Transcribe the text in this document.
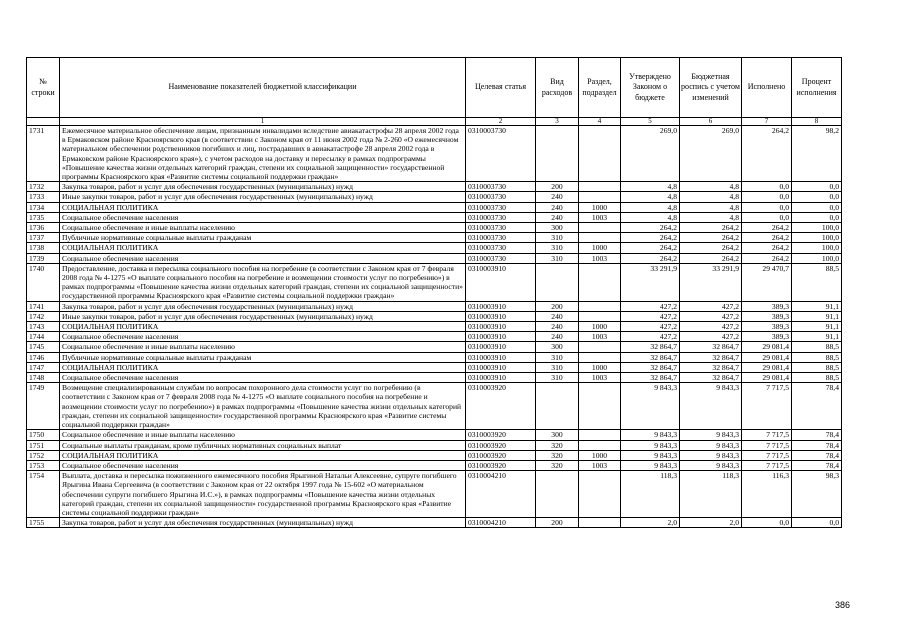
№ строки	Наименование показателей бюджетной классификации	Целевая статья	Вид расходов	Раздел, подраздел	Утверждено Законом о бюджете	Бюджетная роспись с учетом изменений	Исполнено	Процент исполнения
	1	2	3	4	5	6	7	8
1731	Ежемесячное материальное обеспечение лицам, признанным инвалидами вследствие авиакатастрофы 28 апреля 2002 года в Ермаковском районе Красноярского края (в соответствии с Законом края от 11 июня 2002 года № 2-260 «О ежемесячном материальном обеспечении родственников погибших и лиц, пострадавших в авиакатастрофе 28 апреля 2002 года в Ермаковском районе Красноярского края»), с учетом расходов на доставку и пересылку в рамках подпрограммы «Повышение качества жизни отдельных категорий граждан, степени их социальной защищенности» государственной программы Красноярского края «Развитие системы социальной поддержки граждан»	0310003730			269,0	269,0	264,2	98,2
1732	Закупка товаров, работ и услуг для обеспечения государственных (муниципальных) нужд	0310003730	200		4,8	4,8	0,0	0,0
1733	Иные закупки товаров, работ и услуг для обеспечения государственных (муниципальных) нужд	0310003730	240		4,8	4,8	0,0	0,0
1734	СОЦИАЛЬНАЯ ПОЛИТИКА	0310003730	240	1000	4,8	4,8	0,0	0,0
1735	Социальное обеспечение населения	0310003730	240	1003	4,8	4,8	0,0	0,0
1736	Социальное обеспечение и иные выплаты населению	0310003730	300		264,2	264,2	264,2	100,0
1737	Публичные нормативные социальные выплаты гражданам	0310003730	310		264,2	264,2	264,2	100,0
1738	СОЦИАЛЬНАЯ ПОЛИТИКА	0310003730	310	1000	264,2	264,2	264,2	100,0
1739	Социальное обеспечение населения	0310003730	310	1003	264,2	264,2	264,2	100,0
1740	Предоставление, доставка и пересылка социального пособия на погребение (в соответствии с Законом края от 7 февраля 2008 года № 4-1275 «О выплате социального пособия на погребение и возмещении стоимости услуг по погребению») в рамках подпрограммы «Повышение качества жизни отдельных категорий граждан, степени их социальной защищенности» государственной программы Красноярского края «Развитие системы социальной поддержки граждан»	0310003910			33 291,9	33 291,9	29 470,7	88,5
1741	Закупка товаров, работ и услуг для обеспечения государственных (муниципальных) нужд	0310003910	200		427,2	427,2	389,3	91,1
1742	Иные закупки товаров, работ и услуг для обеспечения государственных (муниципальных) нужд	0310003910	240		427,2	427,2	389,3	91,1
1743	СОЦИАЛЬНАЯ ПОЛИТИКА	0310003910	240	1000	427,2	427,2	389,3	91,1
1744	Социальное обеспечение населения	0310003910	240	1003	427,2	427,2	389,3	91,1
1745	Социальное обеспечение и иные выплаты населению	0310003910	300		32 864,7	32 864,7	29 081,4	88,5
1746	Публичные нормативные социальные выплаты гражданам	0310003910	310		32 864,7	32 864,7	29 081,4	88,5
1747	СОЦИАЛЬНАЯ ПОЛИТИКА	0310003910	310	1000	32 864,7	32 864,7	29 081,4	88,5
1748	Социальное обеспечение населения	0310003910	310	1003	32 864,7	32 864,7	29 081,4	88,5
1749	Возмещение специализированным службам по вопросам похоронного дела стоимости услуг по погребению (в соответствии с Законом края от 7 февраля 2008 года № 4-1275 «О выплате социального пособия на погребение и возмещении стоимости услуг по погребению») в рамках подпрограммы «Повышение качества жизни отдельных категорий граждан, степени их социальной защищенности» государственной программы Красноярского края «Развитие системы социальной поддержки граждан»	0310003920			9 843,3	9 843,3	7 717,5	78,4
1750	Социальное обеспечение и иные выплаты населению	0310003920	300		9 843,3	9 843,3	7 717,5	78,4
1751	Социальные выплаты гражданам, кроме публичных нормативных социальных выплат	0310003920	320		9 843,3	9 843,3	7 717,5	78,4
1752	СОЦИАЛЬНАЯ ПОЛИТИКА	0310003920	320	1000	9 843,3	9 843,3	7 717,5	78,4
1753	Социальное обеспечение населения	0310003920	320	1003	9 843,3	9 843,3	7 717,5	78,4
1754	Выплата, доставка и пересылка пожизненного ежемесячного пособия Ярыгиной Натальи Алексеевне, супруге погибшего Ярыгина Ивана Сергеевича (в соответствии с Законом края от 22 октября 1997 года № 15-602 «О материальном обеспечении супруги погибшего Ярыгина И.С.»), в рамках подпрограммы «Повышение качества жизни отдельных категорий граждан, степени их социальной защищенности» государственной программы Красноярского края «Развитие системы социальной поддержки граждан»	0310004210			118,3	118,3	116,3	98,3
1755	Закупка товаров, работ и услуг для обеспечения государственных (муниципальных) нужд	0310004210	200		2,0	2,0	0,0	0,0
386
